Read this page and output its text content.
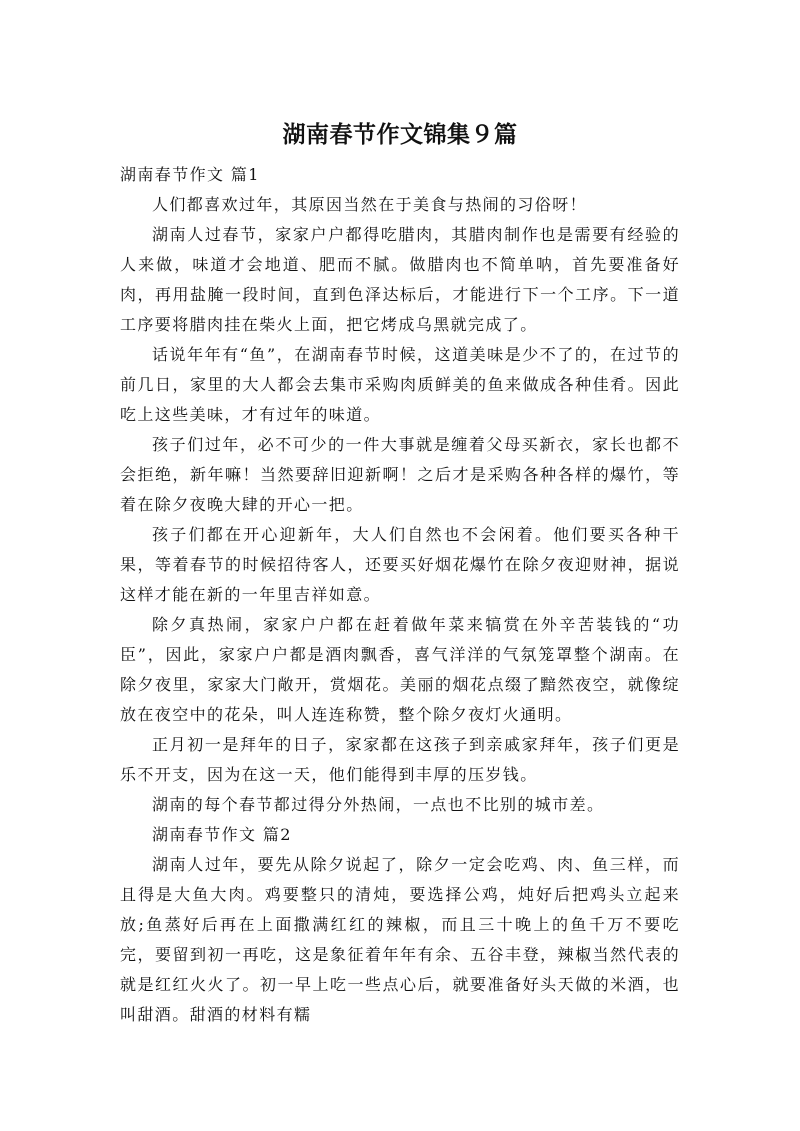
湖南春节作文锦集９篇

湖南春节作文 篇1

人们都喜欢过年，其原因当然在于美食与热闹的习俗呀！

湖南人过春节，家家户户都得吃腊肉，其腊肉制作也是需要有经验的人来做，味道才会地道、肥而不腻。做腊肉也不简单呐，首先要准备好肉，再用盐腌一段时间，直到色泽达标后，才能进行下一个工序。下一道工序要将腊肉挂在柴火上面，把它烤成乌黑就完成了。

话说年年有“鱼”，在湖南春节时候，这道美味是少不了的，在过节的前几日，家里的大人都会去集市采购肉质鲜美的鱼来做成各种佳肴。因此吃上这些美味，才有过年的味道。

孩子们过年，必不可少的一件大事就是缠着父母买新衣，家长也都不会拒绝，新年嘛！当然要辞旧迎新啊！之后才是采购各种各样的爆竹，等着在除夕夜晚大肆的开心一把。

孩子们都在开心迎新年，大人们自然也不会闲着。他们要买各种干果，等着春节的时候招待客人，还要买好烟花爆竹在除夕夜迎财神，据说这样才能在新的一年里吉祥如意。

除夕真热闹，家家户户都在赶着做年菜来犒赏在外辛苦装钱的“功臣”，因此，家家户户都是酒肉飘香，喜气洋洋的气氛笼罩整个湖南。在除夕夜里，家家大门敞开，赏烟花。美丽的烟花点缀了黯然夜空，就像绽放在夜空中的花朵，叫人连连称赞，整个除夕夜灯火通明。

正月初一是拜年的日子，家家都在这孩子到亲戚家拜年，孩子们更是乐不开支，因为在这一天，他们能得到丰厚的压岁钱。

湖南的每个春节都过得分外热闹，一点也不比别的城市差。

湖南春节作文 篇2

湖南人过年，要先从除夕说起了，除夕一定会吃鸡、肉、鱼三样，而且得是大鱼大肉。鸡要整只的清炖，要选择公鸡，炖好后把鸡头立起来放;鱼蒸好后再在上面撒满红红的辣椒，而且三十晚上的鱼千万不要吃完，要留到初一再吃，这是象征着年年有余、五谷丰登，辣椒当然代表的就是红红火火了。初一早上吃一些点心后，就要准备好头天做的米酒，也叫甜酒。甜酒的材料有糯
